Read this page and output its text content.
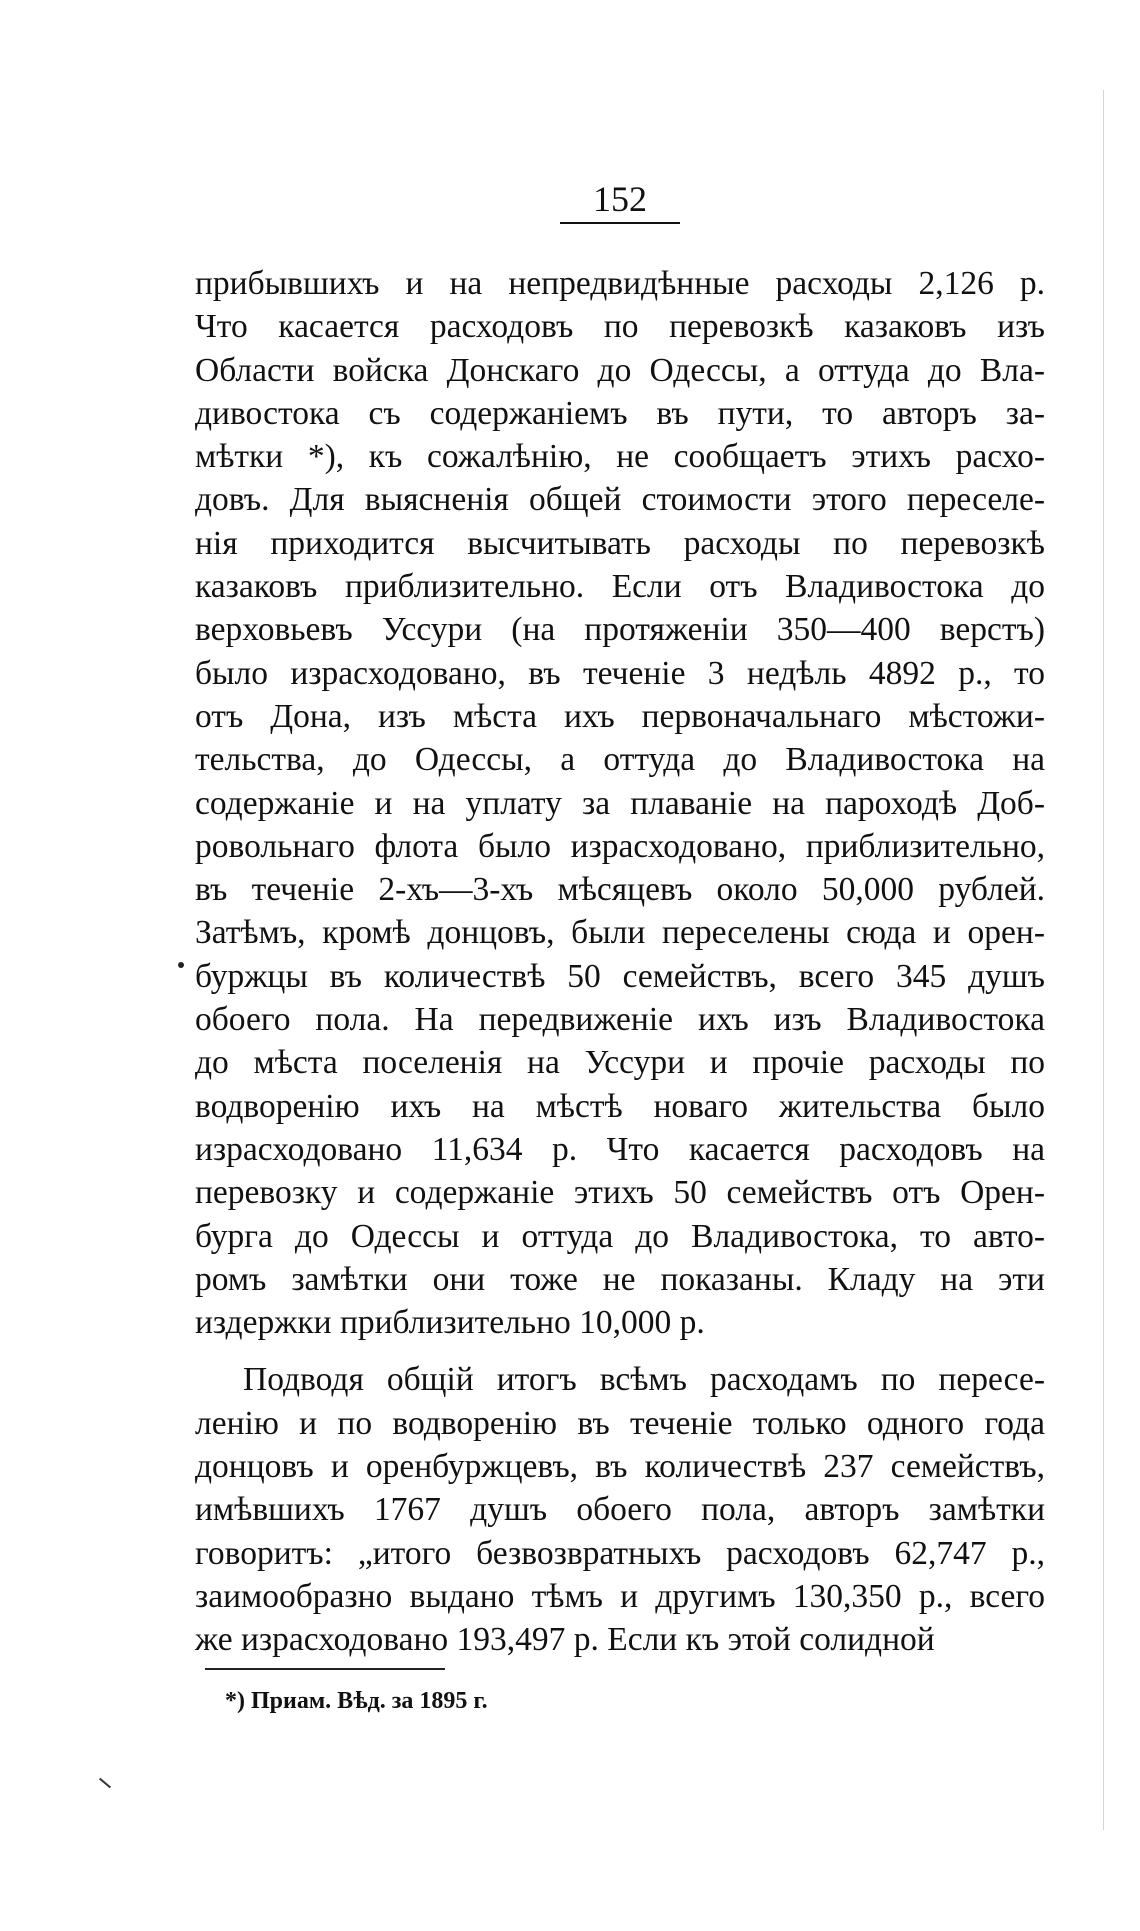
152
прибывшихъ и на непредвидѣнные расходы 2,126 р.
Что касается расходовъ по перевозкѣ казаковъ изъ
Области войска Донскаго до Одессы, а оттуда до Вла-
дивостока съ содержаніемъ въ пути, то авторъ за-
мѣтки *), къ сожалѣнію, не сообщаетъ этихъ расхо-
довъ. Для выясненія общей стоимости этого переселе-
нія приходится высчитывать расходы по перевозкѣ
казаковъ приблизительно. Если отъ Владивостока до
верховьевъ Уссури (на протяженіи 350—400 верстъ)
было израсходовано, въ теченіе 3 недѣль 4892 р., то
отъ Дона, изъ мѣста ихъ первоначальнаго мѣстожи-
тельства, до Одессы, а оттуда до Владивостока на
содержаніе и на уплату за плаваніе на пароходѣ Доб-
ровольнаго флота было израсходовано, приблизительно,
въ теченіе 2-хъ—3-хъ мѣсяцевъ около 50,000 рублей.
Затѣмъ, кромѣ донцовъ, были переселены сюда и орен-
буржцы въ количествѣ 50 семействъ, всего 345 душъ
обоего пола. На передвиженіе ихъ изъ Владивостока
до мѣста поселенія на Уссури и прочіе расходы по
водворенію ихъ на мѣстѣ новаго жительства было
израсходовано 11,634 р. Что касается расходовъ на
перевозку и содержаніе этихъ 50 семействъ отъ Орен-
бурга до Одессы и оттуда до Владивостока, то авто-
ромъ замѣтки они тоже не показаны. Кладу на эти
издержки приблизительно 10,000 р.
Подводя общій итогъ всѣмъ расходамъ по пересе-
ленію и по водворенію въ теченіе только одного года
донцовъ и оренбуржцевъ, въ количествѣ 237 семействъ,
имѣвшихъ 1767 душъ обоего пола, авторъ замѣтки
говоритъ: „итого безвозвратныхъ расходовъ 62,747 р.,
заимообразно выдано тѣмъ и другимъ 130,350 р., всего
же израсходовано 193,497 р. Если къ этой солидной
*) Приам. Вѣд. за 1895 г.
